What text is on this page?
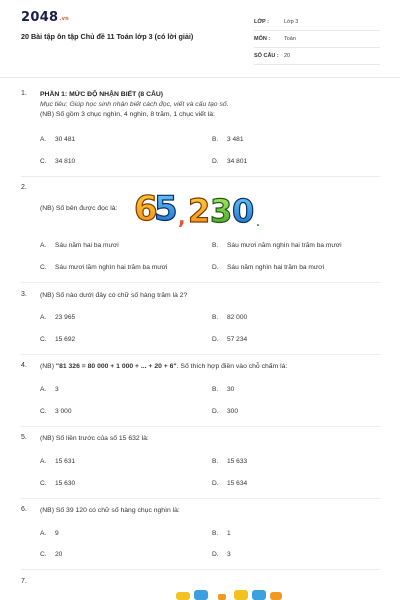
2048.vn
20 Bài tập ôn tập Chủ đề 11 Toán lớp 3 (có lời giải)
LỚP :	Lớp 3
MÔN :	Toán
SỐ CÂU : 20
1. PHẦN 1: MỨC ĐỘ NHẬN BIẾT (8 CÂU)
Mục tiêu: Giúp học sinh nhận biết cách đọc, viết và cấu tạo số.
(NB) Số gồm 3 chục nghìn, 4 nghìn, 8 trăm, 1 chục viết là:
A. 30 481	B. 3 481
C. 34 810	D. 34 801
2.
(NB) Số bên được đọc là: 6
5 , 2 3 0 .
A. Sáu năm hai ba mươi	B. Sáu mươi năm nghìn hai trăm ba mươi
C. Sáu mươi lăm nghìn hai trăm ba mươi	D. Sáu năm nghìn hai trăm ba mươi
3. (NB) Số nào dưới đây có chữ số hàng trăm là 2?
A. 23 965	B. 82 000
C. 15 692	D. 57 234
4. (NB) "81 326 = 80 000 + 1 000 + ... + 20 + 6". Số thích hợp điền vào chỗ chấm là:
A. 3	B. 30
C. 3 000	D. 300
5. (NB) Số liền trước của số 15 632 là:
A. 15 631	B. 15 633
C. 15 630	D. 15 634
6. (NB) Số 39 120 có chữ số hàng chục nghìn là:
A. 9	B. 1
C. 20	D. 3
7.
